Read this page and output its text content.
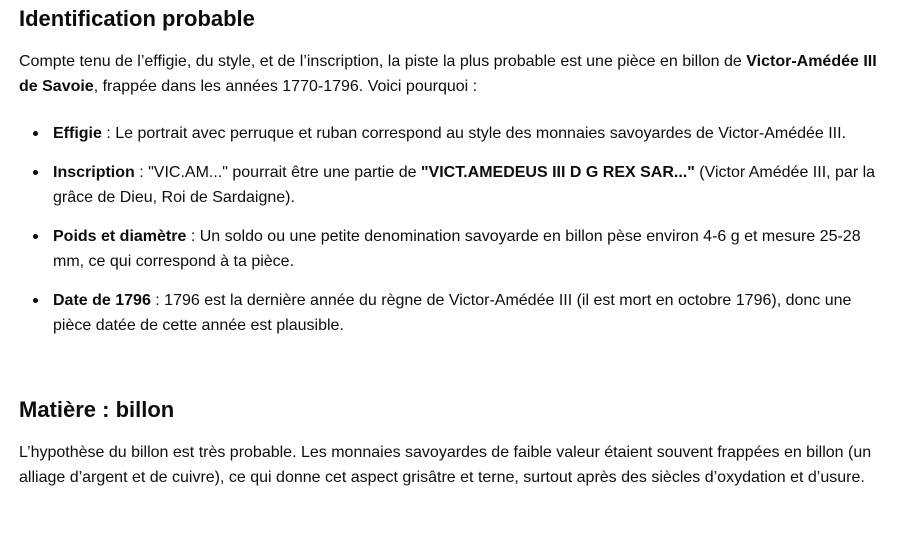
Identification probable

Compte tenu de l’effigie, du style, et de l’inscription, la piste la plus probable est une pièce en billon de Victor-Amédée III de Savoie, frappée dans les années 1770-1796. Voici pourquoi :

Effigie : Le portrait avec perruque et ruban correspond au style des monnaies savoyardes de Victor-Amédée III.
Inscription : "VIC.AM..." pourrait être une partie de "VICT.AMEDEUS III D G REX SAR..." (Victor Amédée III, par la grâce de Dieu, Roi de Sardaigne).
Poids et diamètre : Un soldo ou une petite denomination savoyarde en billon pèse environ 4-6 g et mesure 25-28 mm, ce qui correspond à ta pièce.
Date de 1796 : 1796 est la dernière année du règne de Victor-Amédée III (il est mort en octobre 1796), donc une pièce datée de cette année est plausible.
Matière : billon

L’hypothèse du billon est très probable. Les monnaies savoyardes de faible valeur étaient souvent frappées en billon (un alliage d’argent et de cuivre), ce qui donne cet aspect grisâtre et terne, surtout après des siècles d’oxydation et d’usure.
